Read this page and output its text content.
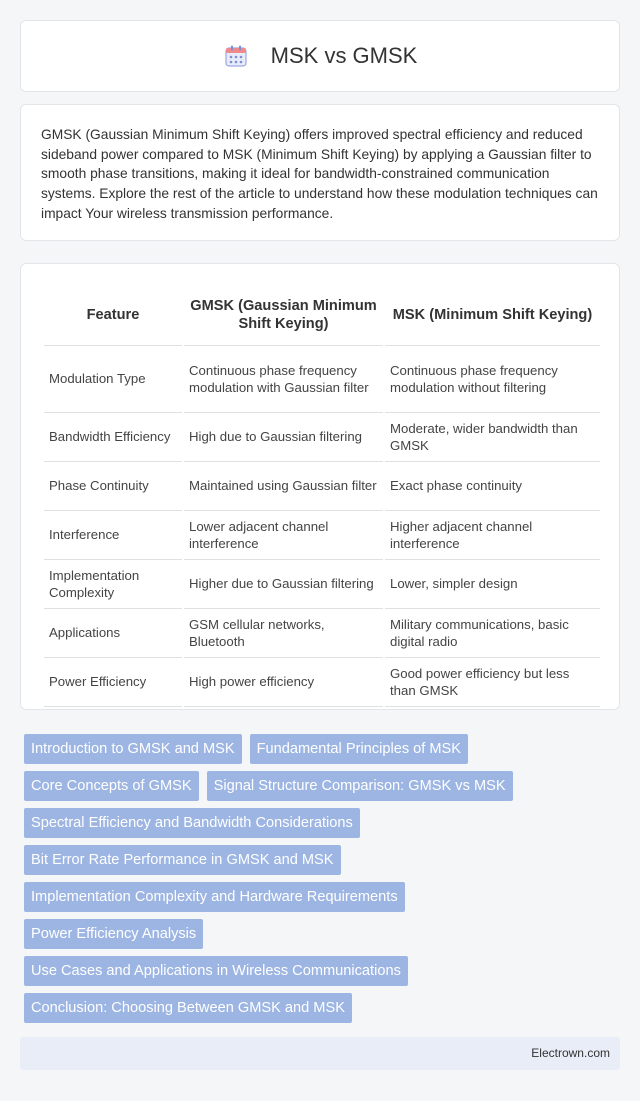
MSK vs GMSK

GMSK (Gaussian Minimum Shift Keying) offers improved spectral efficiency and reduced sideband power compared to MSK (Minimum Shift Keying) by applying a Gaussian filter to smooth phase transitions, making it ideal for bandwidth-constrained communication systems. Explore the rest of the article to understand how these modulation techniques can impact Your wireless transmission performance.

Feature	GMSK (Gaussian Minimum Shift Keying)	MSK (Minimum Shift Keying)
Modulation Type	Continuous phase frequency modulation with Gaussian filter	Continuous phase frequency modulation without filtering
Bandwidth Efficiency	High due to Gaussian filtering	Moderate, wider bandwidth than GMSK
Phase Continuity	Maintained using Gaussian filter	Exact phase continuity
Interference	Lower adjacent channel interference	Higher adjacent channel interference
Implementation Complexity	Higher due to Gaussian filtering	Lower, simpler design
Applications	GSM cellular networks, Bluetooth	Military communications, basic digital radio
Power Efficiency	High power efficiency	Good power efficiency but less than GMSK
Introduction to GMSK and MSK	Fundamental Principles of MSK
Core Concepts of GMSK	Signal Structure Comparison: GMSK vs MSK
Spectral Efficiency and Bandwidth Considerations
Bit Error Rate Performance in GMSK and MSK
Implementation Complexity and Hardware Requirements
Power Efficiency Analysis
Use Cases and Applications in Wireless Communications
Conclusion: Choosing Between GMSK and MSK
Electrown.com
